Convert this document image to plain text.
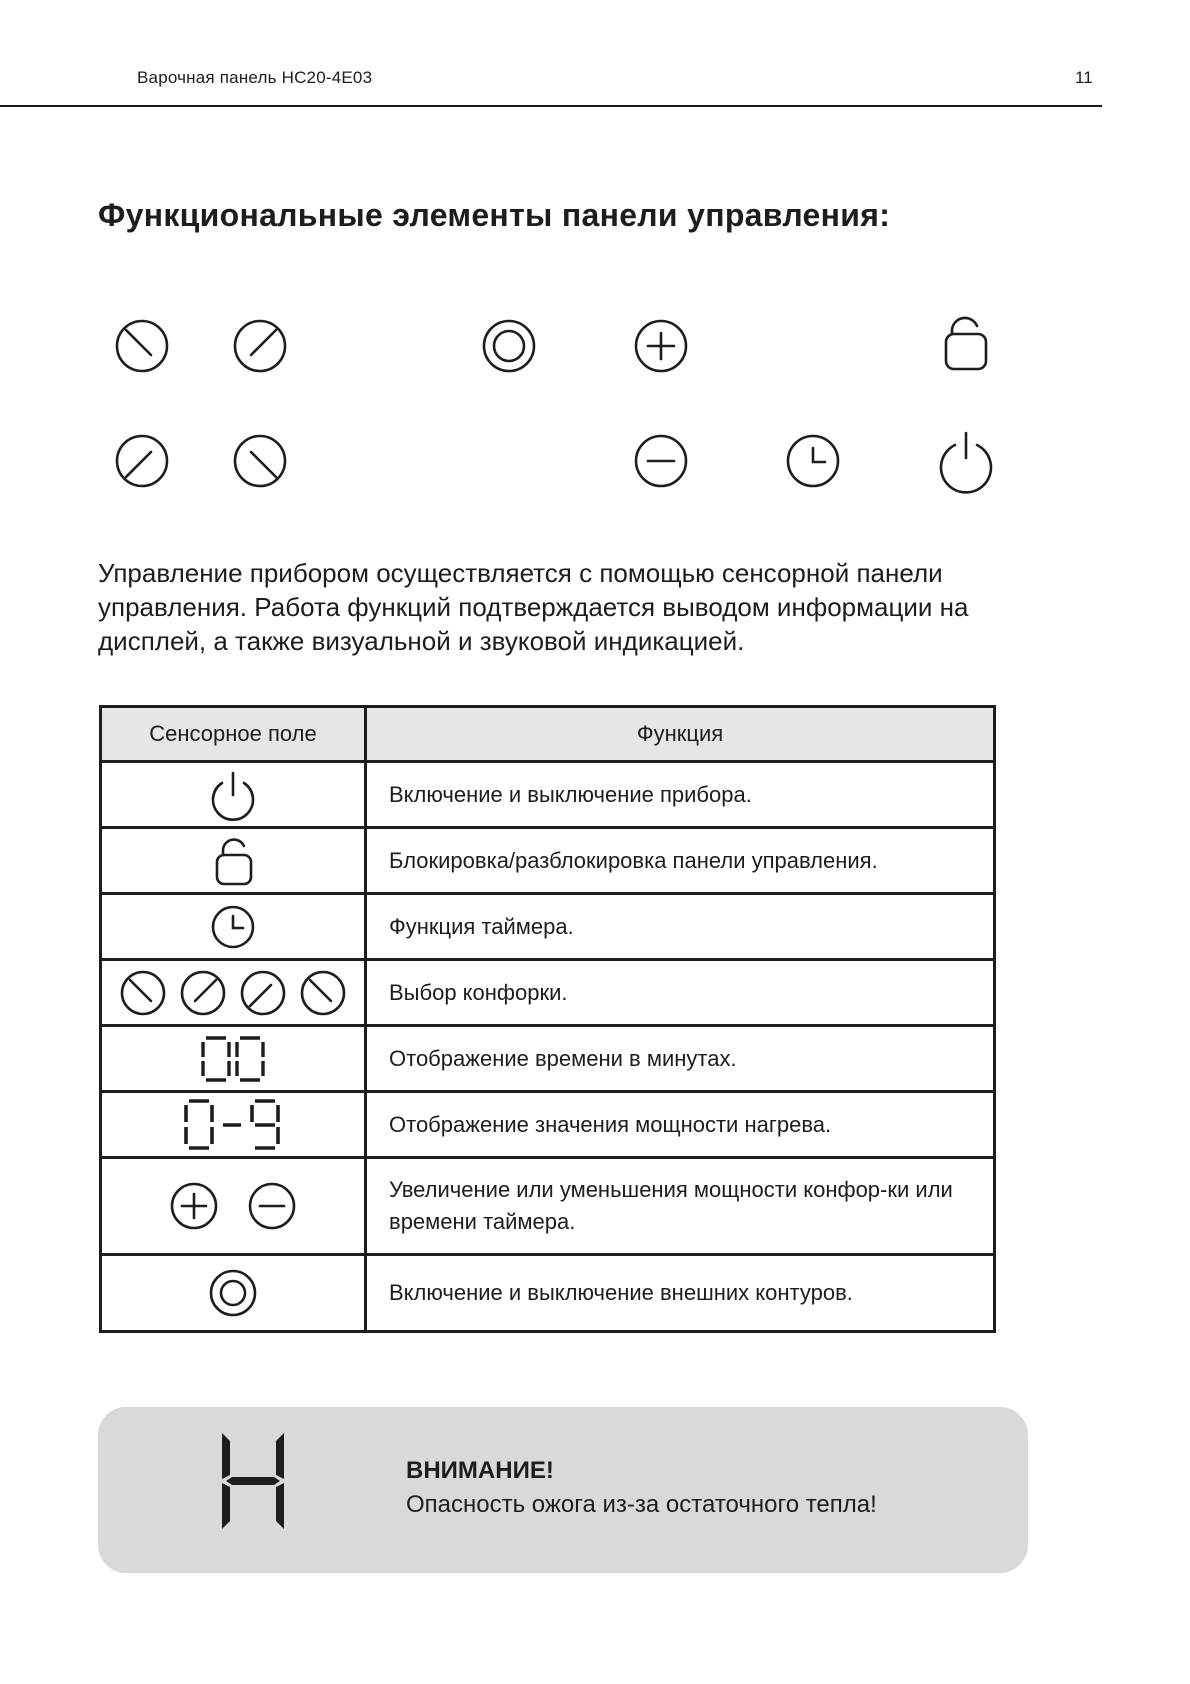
Варочная панель HC20-4E03	11
Функциональные элементы панели управления:

Управление прибором осуществляется с помощью сенсорной панели управления. Работа функций подтверждается выводом информации на дисплей, а также визуальной и звуковой индикацией.

Сенсорное поле	Функция

	Включение и выключение прибора.

	Блокировка/разблокировка панели управления.

	Функция таймера.

	Выбор конфорки.

	Отображение времени в минутах.

	Отображение значения мощности нагрева.

	Увеличение или уменьшения мощности конфор-ки или времени таймера.

	Включение и выключение внешних контуров.

ВНИМАНИЕ!

Опасность ожога из-за остаточного тепла!
